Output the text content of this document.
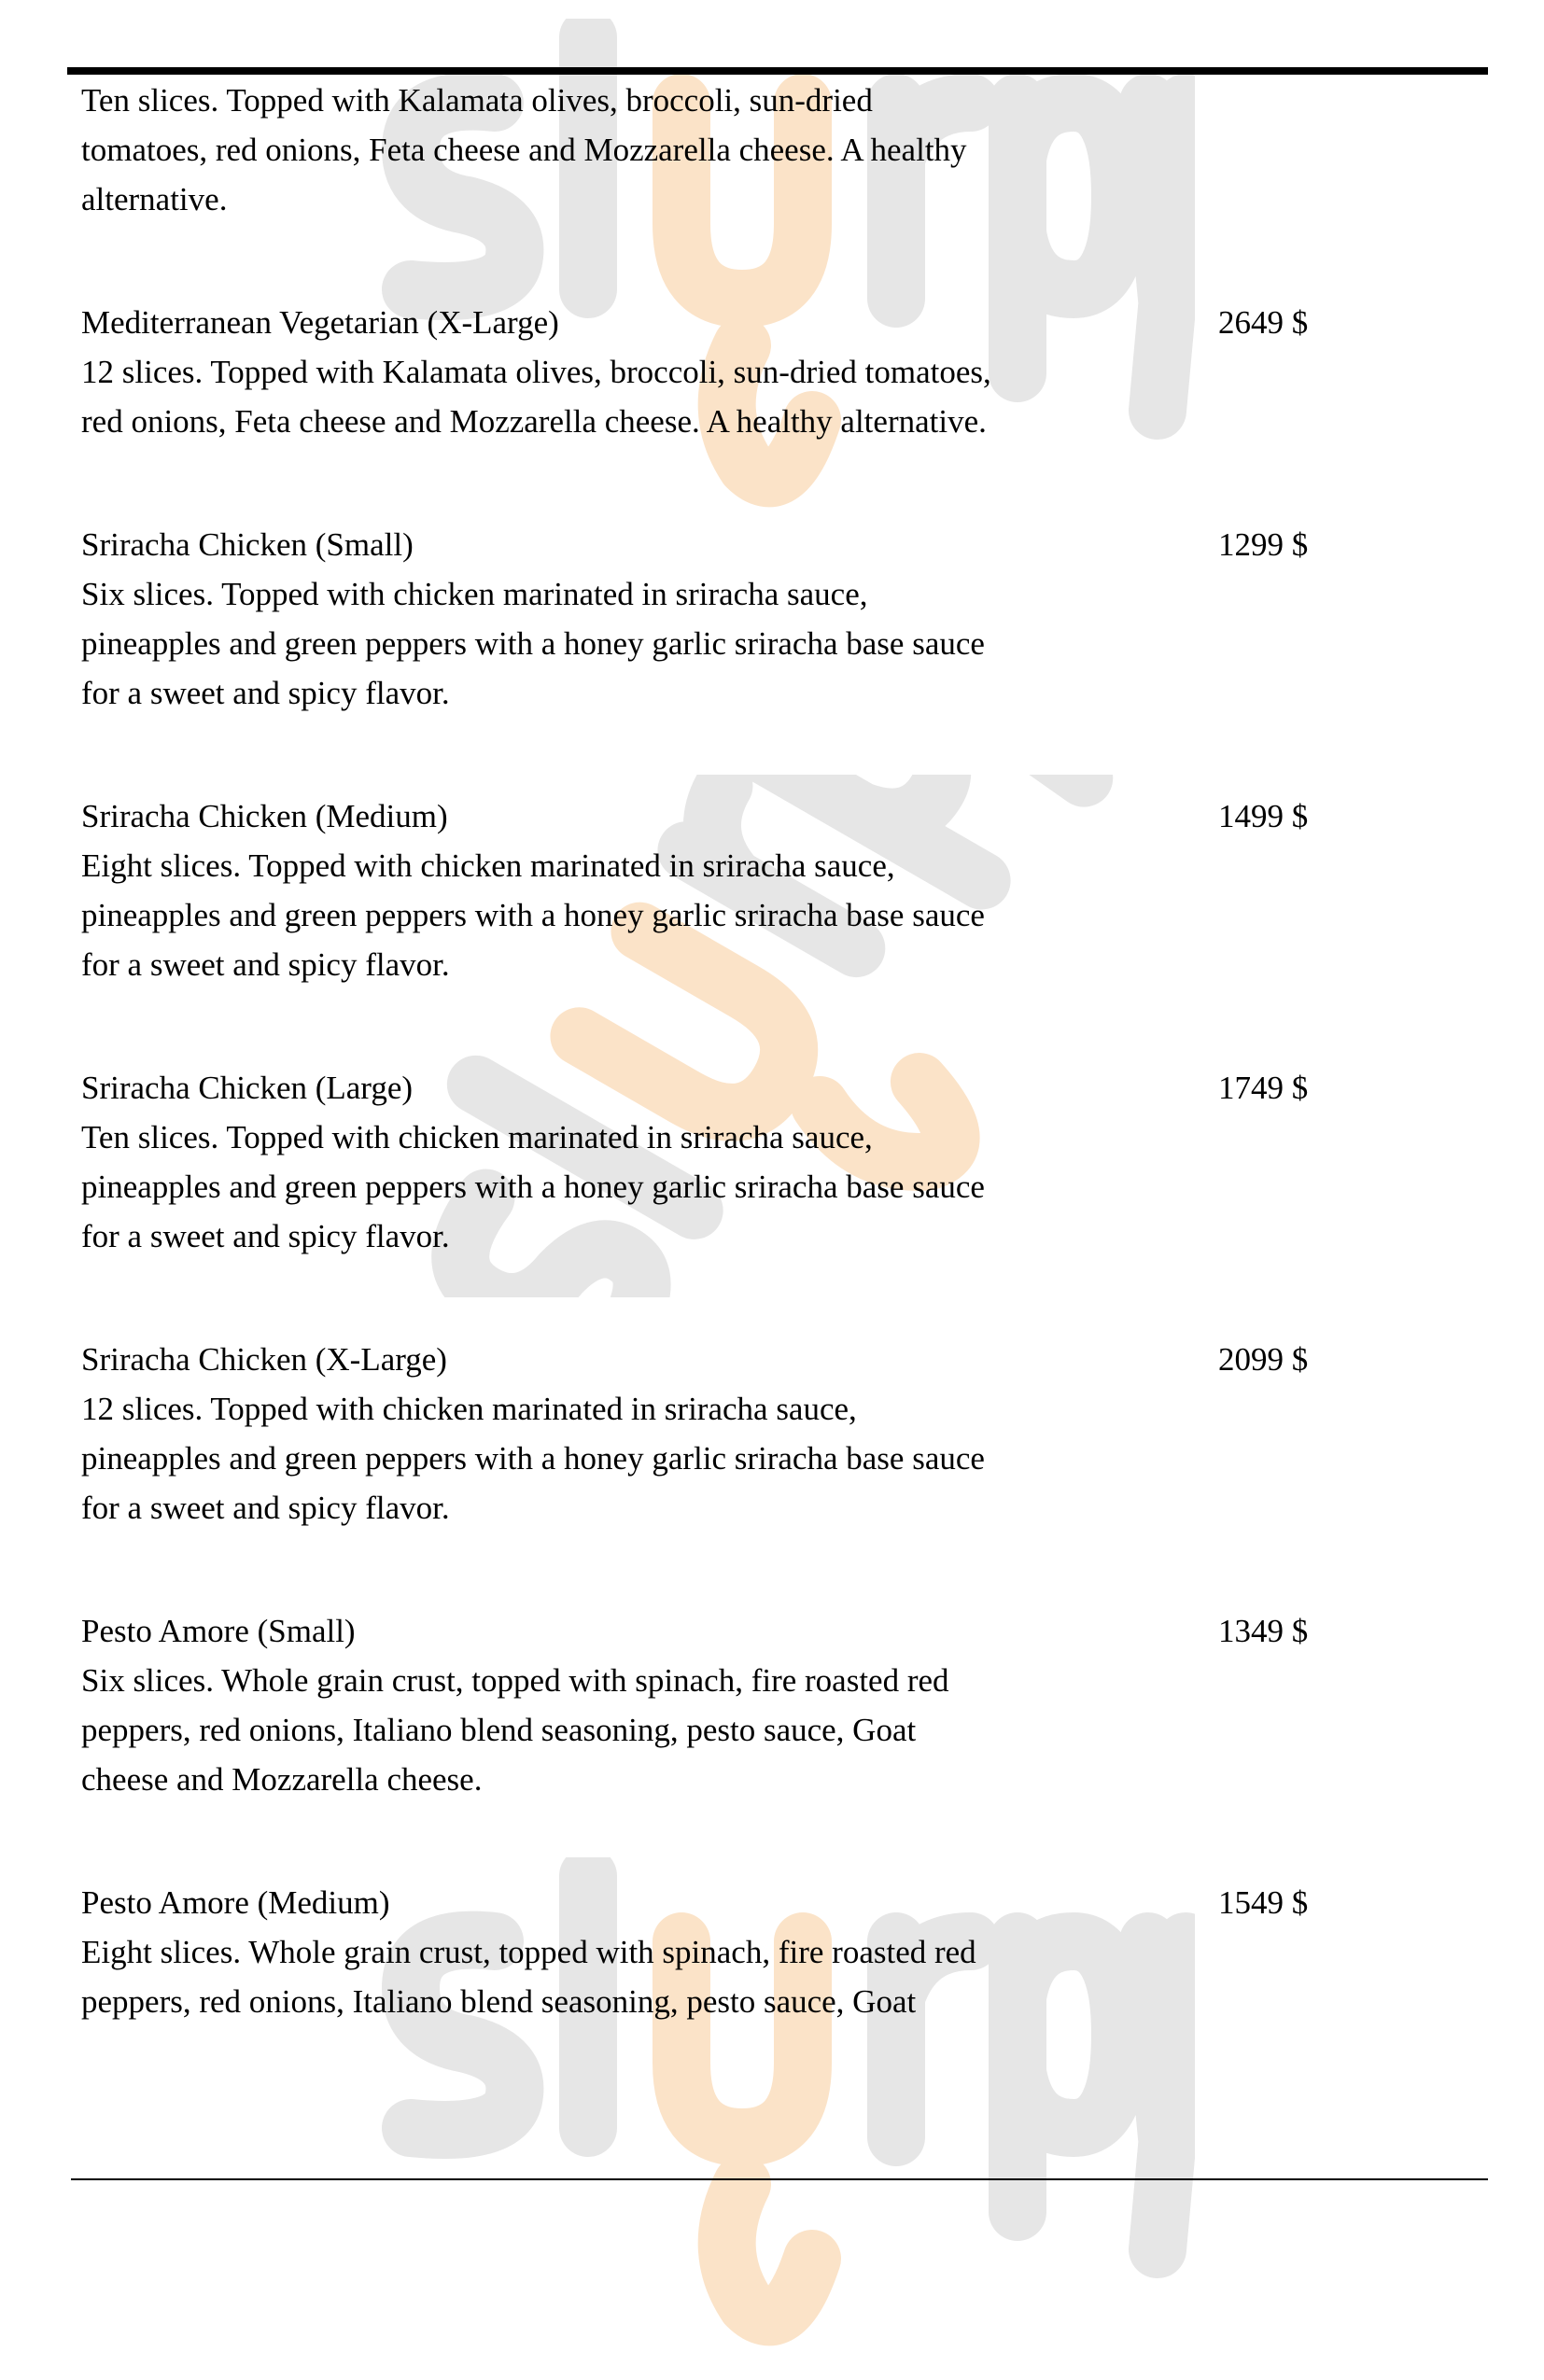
Ten slices. Topped with Kalamata olives, broccoli, sun-dried
tomatoes, red onions, Feta cheese and Mozzarella cheese. A healthy
alternative.
Mediterranean Vegetarian (X-Large)	2649 $
12 slices. Topped with Kalamata olives, broccoli, sun-dried tomatoes,
red onions, Feta cheese and Mozzarella cheese. A healthy alternative.
Sriracha Chicken (Small)	1299 $
Six slices. Topped with chicken marinated in sriracha sauce,
pineapples and green peppers with a honey garlic sriracha base sauce
for a sweet and spicy flavor.
Sriracha Chicken (Medium)	1499 $
Eight slices. Topped with chicken marinated in sriracha sauce,
pineapples and green peppers with a honey garlic sriracha base sauce
for a sweet and spicy flavor.
Sriracha Chicken (Large)	1749 $
Ten slices. Topped with chicken marinated in sriracha sauce,
pineapples and green peppers with a honey garlic sriracha base sauce
for a sweet and spicy flavor.
Sriracha Chicken (X-Large)	2099 $
12 slices. Topped with chicken marinated in sriracha sauce,
pineapples and green peppers with a honey garlic sriracha base sauce
for a sweet and spicy flavor.
Pesto Amore (Small)	1349 $
Six slices. Whole grain crust, topped with spinach, fire roasted red
peppers, red onions, Italiano blend seasoning, pesto sauce, Goat
cheese and Mozzarella cheese.
Pesto Amore (Medium)	1549 $
Eight slices. Whole grain crust, topped with spinach, fire roasted red
peppers, red onions, Italiano blend seasoning, pesto sauce, Goat
